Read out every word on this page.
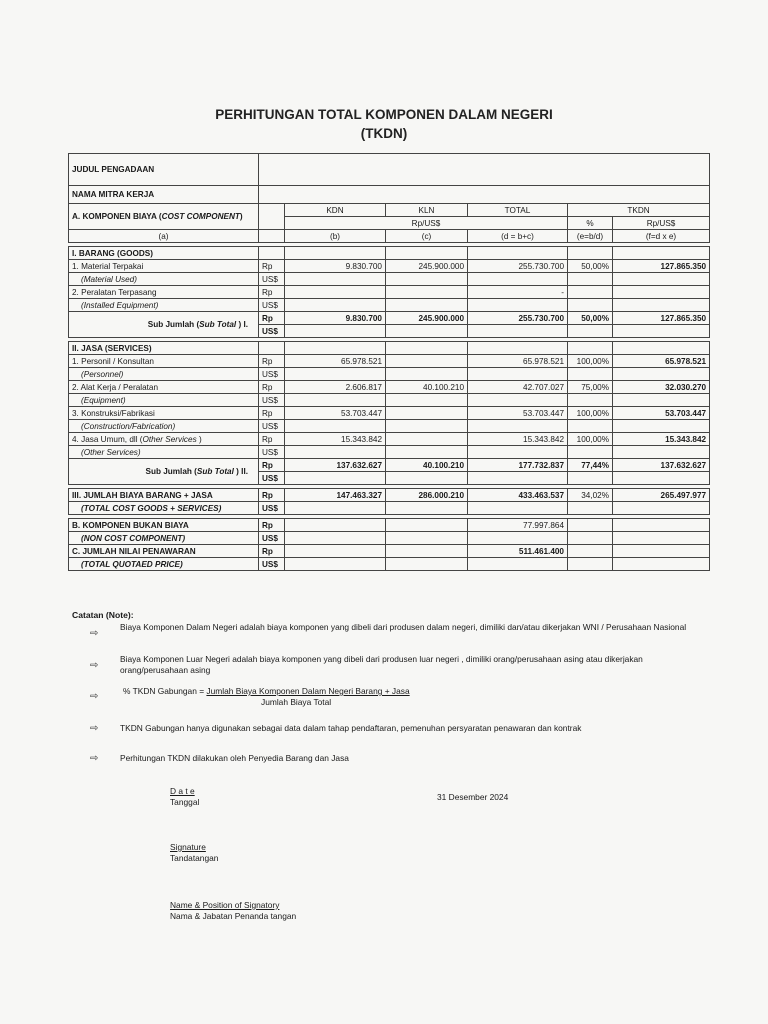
PERHITUNGAN TOTAL KOMPONEN DALAM NEGERI
(TKDN)
JUDUL PENGADAAN						
NAMA MITRA KERJA						
A. KOMPONEN BIAYA (COST COMPONENT)		KDN	KLN	TOTAL	TKDN	
		Rp/US$			%	Rp/US$
(a)		(b)	(c)	(d = b+c)	(e=b/d)	(f=d x e)

I. BARANG (GOODS)						
1. Material Terpakai	Rp	9.830.700	245.900.000	255.730.700	50,00%	127.865.350
(Material Used)	US$					
2. Peralatan Terpasang	Rp			-		
(Installed Equipment)	US$					
Sub Jumlah (Sub Total ) I.	Rp	9.830.700	245.900.000	255.730.700	50,00%	127.865.350
	US$					

II. JASA (SERVICES)						
1. Personil / Konsultan	Rp	65.978.521		65.978.521	100,00%	65.978.521
(Personnel)	US$					
2. Alat Kerja / Peralatan	Rp	2.606.817	40.100.210	42.707.027	75,00%	32.030.270
(Equipment)	US$					
3. Konstruksi/Fabrikasi	Rp	53.703.447		53.703.447	100,00%	53.703.447
(Construction/Fabrication)	US$					
4. Jasa Umum, dll (Other Services )	Rp	15.343.842		15.343.842	100,00%	15.343.842
(Other Services)	US$					
Sub Jumlah (Sub Total ) II.	Rp	137.632.627	40.100.210	177.732.837	77,44%	137.632.627
	US$					

III. JUMLAH BIAYA BARANG + JASA	Rp	147.463.327	286.000.210	433.463.537	34,02%	265.497.977
(TOTAL COST GOODS + SERVICES)	US$					

B. KOMPONEN BUKAN BIAYA	Rp			77.997.864		
(NON COST COMPONENT)	US$					
C. JUMLAH NILAI PENAWARAN	Rp			511.461.400		
(TOTAL QUOTAED PRICE)	US$					
Catatan (Note):
⇨
Biaya Komponen Dalam Negeri adalah biaya komponen yang dibeli dari produsen dalam negeri, dimiliki dan/atau dikerjakan WNI / Perusahaan Nasional
⇨
Biaya Komponen Luar Negeri adalah biaya komponen yang dibeli dari produsen luar negeri , dimiliki orang/perusahaan asing atau dikerjakan orang/perusahaan asing
⇨	% TKDN Gabungan = Jumlah Biaya Komponen Dalam Negeri Barang + Jasa
Jumlah Biaya Total
⇨	TKDN Gabungan hanya digunakan sebagai data dalam tahap pendaftaran, pemenuhan persyaratan penawaran dan kontrak
⇨	Perhitungan TKDN dilakukan oleh Penyedia Barang dan Jasa
D a t e
Tanggal	31 Desember 2024
Signature
Tandatangan
Name & Position of Signatory
Nama & Jabatan Penanda tangan
